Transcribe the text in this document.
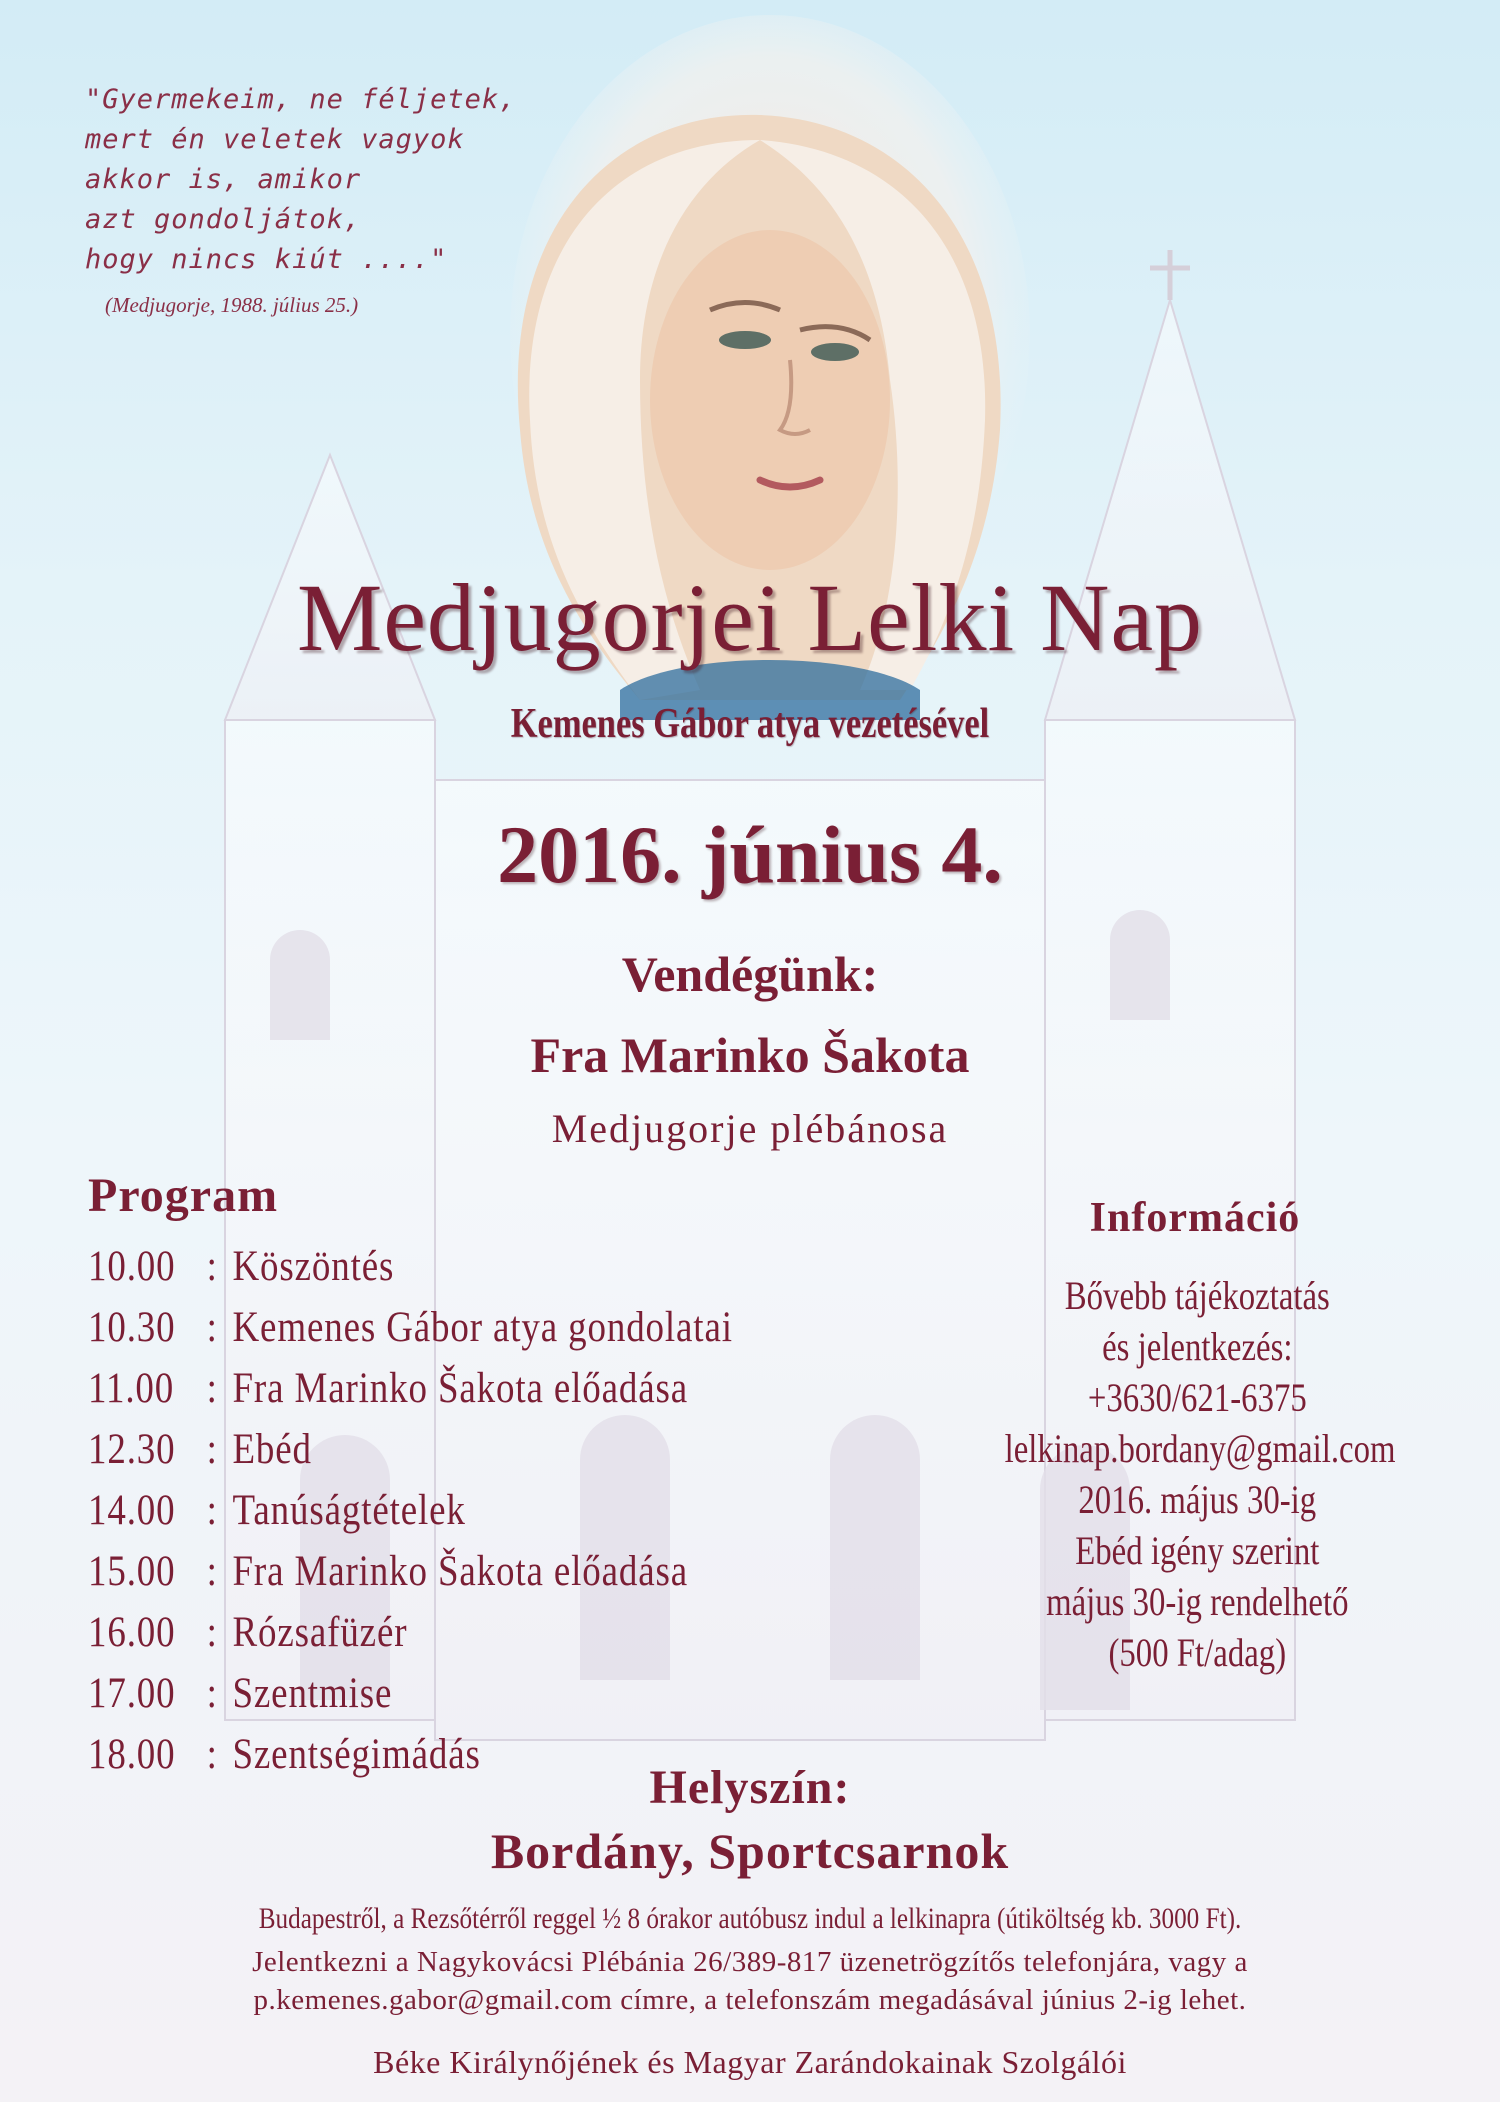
"Gyermekeim, ne féljetek,
mert én veletek vagyok
akkor is, amikor
azt gondoljátok,
hogy nincs kiút ...."
(Medjugorje, 1988. július 25.)
Medjugorjei Lelki Nap
Kemenes Gábor atya vezetésével
2016. június 4.
Vendégünk:
Fra Marinko Šakota
Medjugorje plébánosa
Program
10.00 : Köszöntés
10.30 : Kemenes Gábor atya gondolatai
11.00 : Fra Marinko Šakota előadása
12.30 : Ebéd
14.00 : Tanúságtételek
15.00 : Fra Marinko Šakota előadása
16.00 : Rózsafüzér
17.00 : Szentmise
18.00 : Szentségimádás
Információ
Bővebb tájékoztatás
és jelentkezés:
+3630/621-6375
lelkinap.bordany@gmail.com
2016. május 30-ig
Ebéd igény szerint
május 30-ig rendelhető
(500 Ft/adag)
Helyszín:
Bordány, Sportcsarnok
Budapestről, a Rezsőtérről reggel ½ 8 órakor autóbusz indul a lelkinapra (útiköltség kb. 3000 Ft).
Jelentkezni a Nagykovácsi Plébánia 26/389-817 üzenetrögzítős telefonjára, vagy a
p.kemenes.gabor@gmail.com címre, a telefonszám megadásával június 2-ig lehet.
Béke Királynőjének és Magyar Zarándokainak Szolgálói
